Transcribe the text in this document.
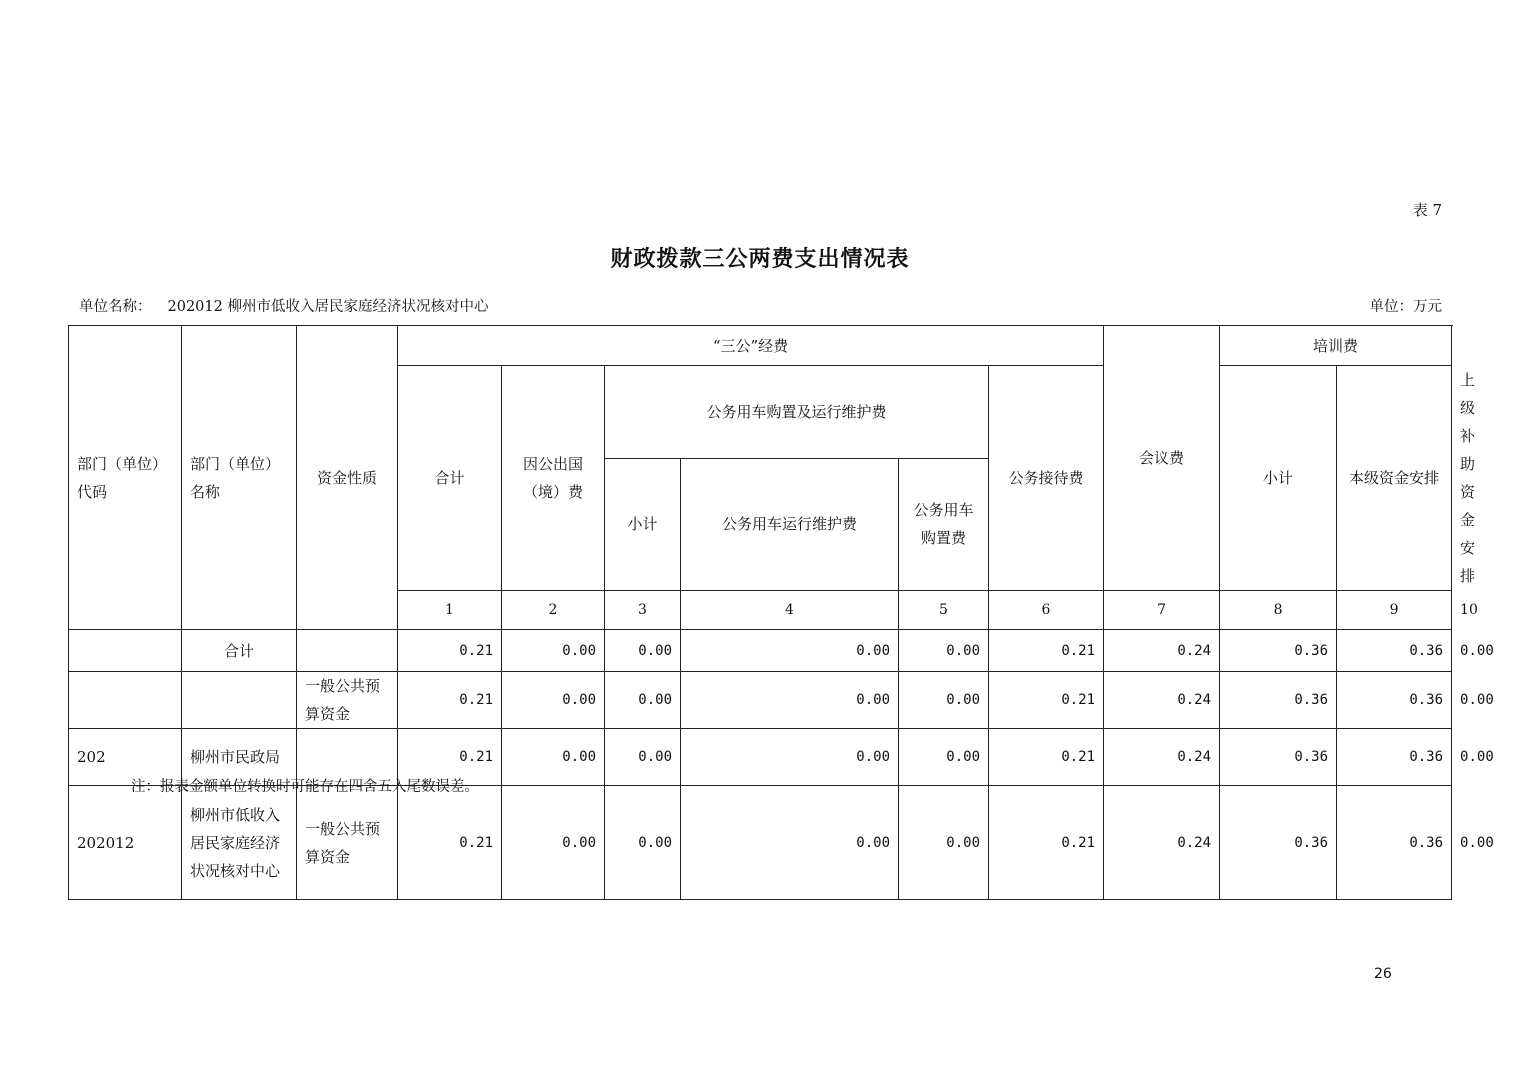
表 7
财政拨款三公两费支出情况表
单位名称： 202012 柳州市低收入居民家庭经济状况核对中心	单位：万元
部门（单位）代码	部门（单位）名称	资金性质	“三公”经费						会议费	培训费		
			合计	因公出国（境）费	公务用车购置及运行维护费			公务接待费		小计	本级资金安排	上级补助资金安排
					小计	公务用车运行维护费	公务用车购置费					
			1	2	3	4	5	6	7	8	9	10
	合计		0.21	0.00	0.00	0.00	0.00	0.21	0.24	0.36	0.36	0.00
		一般公共预算资金	0.21	0.00	0.00	0.00	0.00	0.21	0.24	0.36	0.36	0.00
202	柳州市民政局		0.21	0.00	0.00	0.00	0.00	0.21	0.24	0.36	0.36	0.00
202012	柳州市低收入居民家庭经济状况核对中心	一般公共预算资金	0.21	0.00	0.00	0.00	0.00	0.21	0.24	0.36	0.36	0.00
注：报表金额单位转换时可能存在四舍五入尾数误差。
26
